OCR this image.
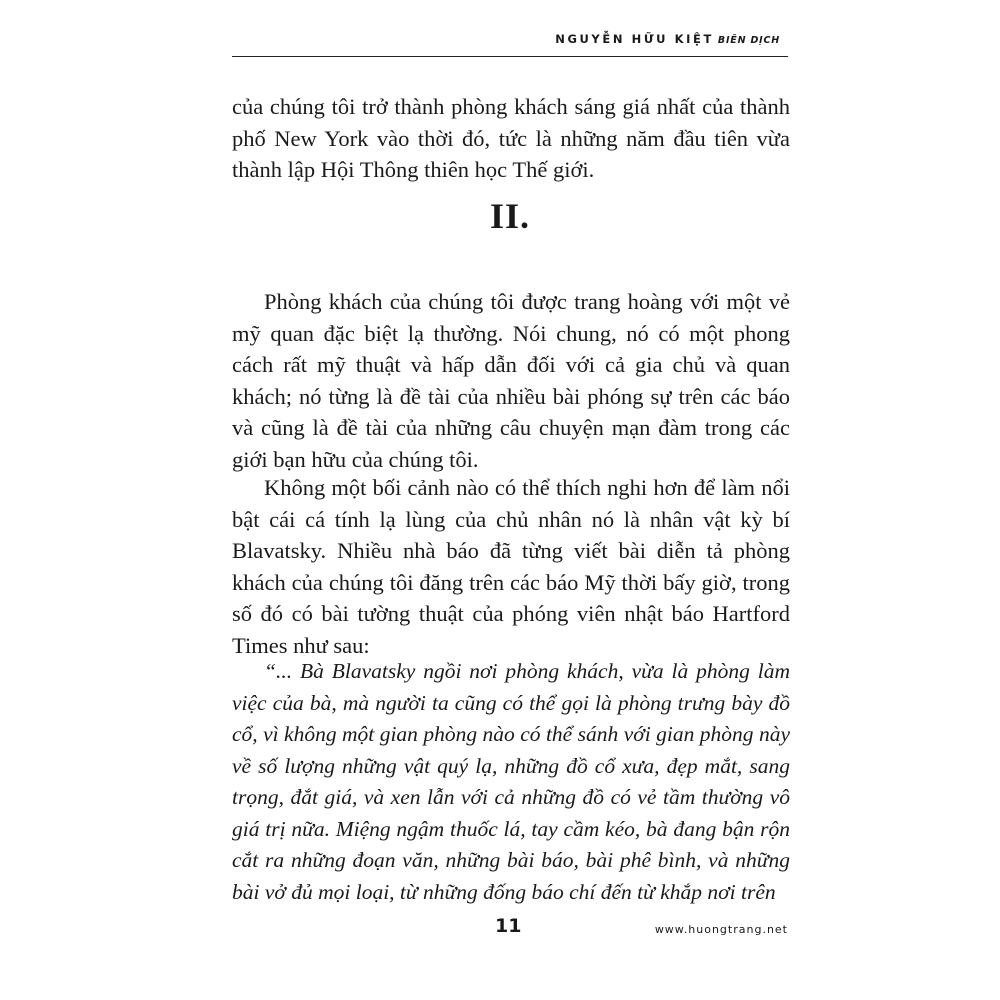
NGUYỄN HỮU KIỆT BIÊN DỊCH

của chúng tôi trở thành phòng khách sáng giá nhất của thành phố New York vào thời đó, tức là những năm đầu tiên vừa thành lập Hội Thông thiên học Thế giới.

II.

Phòng khách của chúng tôi được trang hoàng với một vẻ mỹ quan đặc biệt lạ thường. Nói chung, nó có một phong cách rất mỹ thuật và hấp dẫn đối với cả gia chủ và quan khách; nó từng là đề tài của nhiều bài phóng sự trên các báo và cũng là đề tài của những câu chuyện mạn đàm trong các giới bạn hữu của chúng tôi.

Không một bối cảnh nào có thể thích nghi hơn để làm nổi bật cái cá tính lạ lùng của chủ nhân nó là nhân vật kỳ bí Blavatsky. Nhiều nhà báo đã từng viết bài diễn tả phòng khách của chúng tôi đăng trên các báo Mỹ thời bấy giờ, trong số đó có bài tường thuật của phóng viên nhật báo Hartford Times như sau:

“... Bà Blavatsky ngồi nơi phòng khách, vừa là phòng làm việc của bà, mà người ta cũng có thể gọi là phòng trưng bày đồ cổ, vì không một gian phòng nào có thể sánh với gian phòng này về số lượng những vật quý lạ, những đồ cổ xưa, đẹp mắt, sang trọng, đắt giá, và xen lẫn với cả những đồ có vẻ tầm thường vô giá trị nữa. Miệng ngậm thuốc lá, tay cầm kéo, bà đang bận rộn cắt ra những đoạn văn, những bài báo, bài phê bình, và những bài vở đủ mọi loại, từ những đống báo chí đến từ khắp nơi trên

11	www.huongtrang.net
